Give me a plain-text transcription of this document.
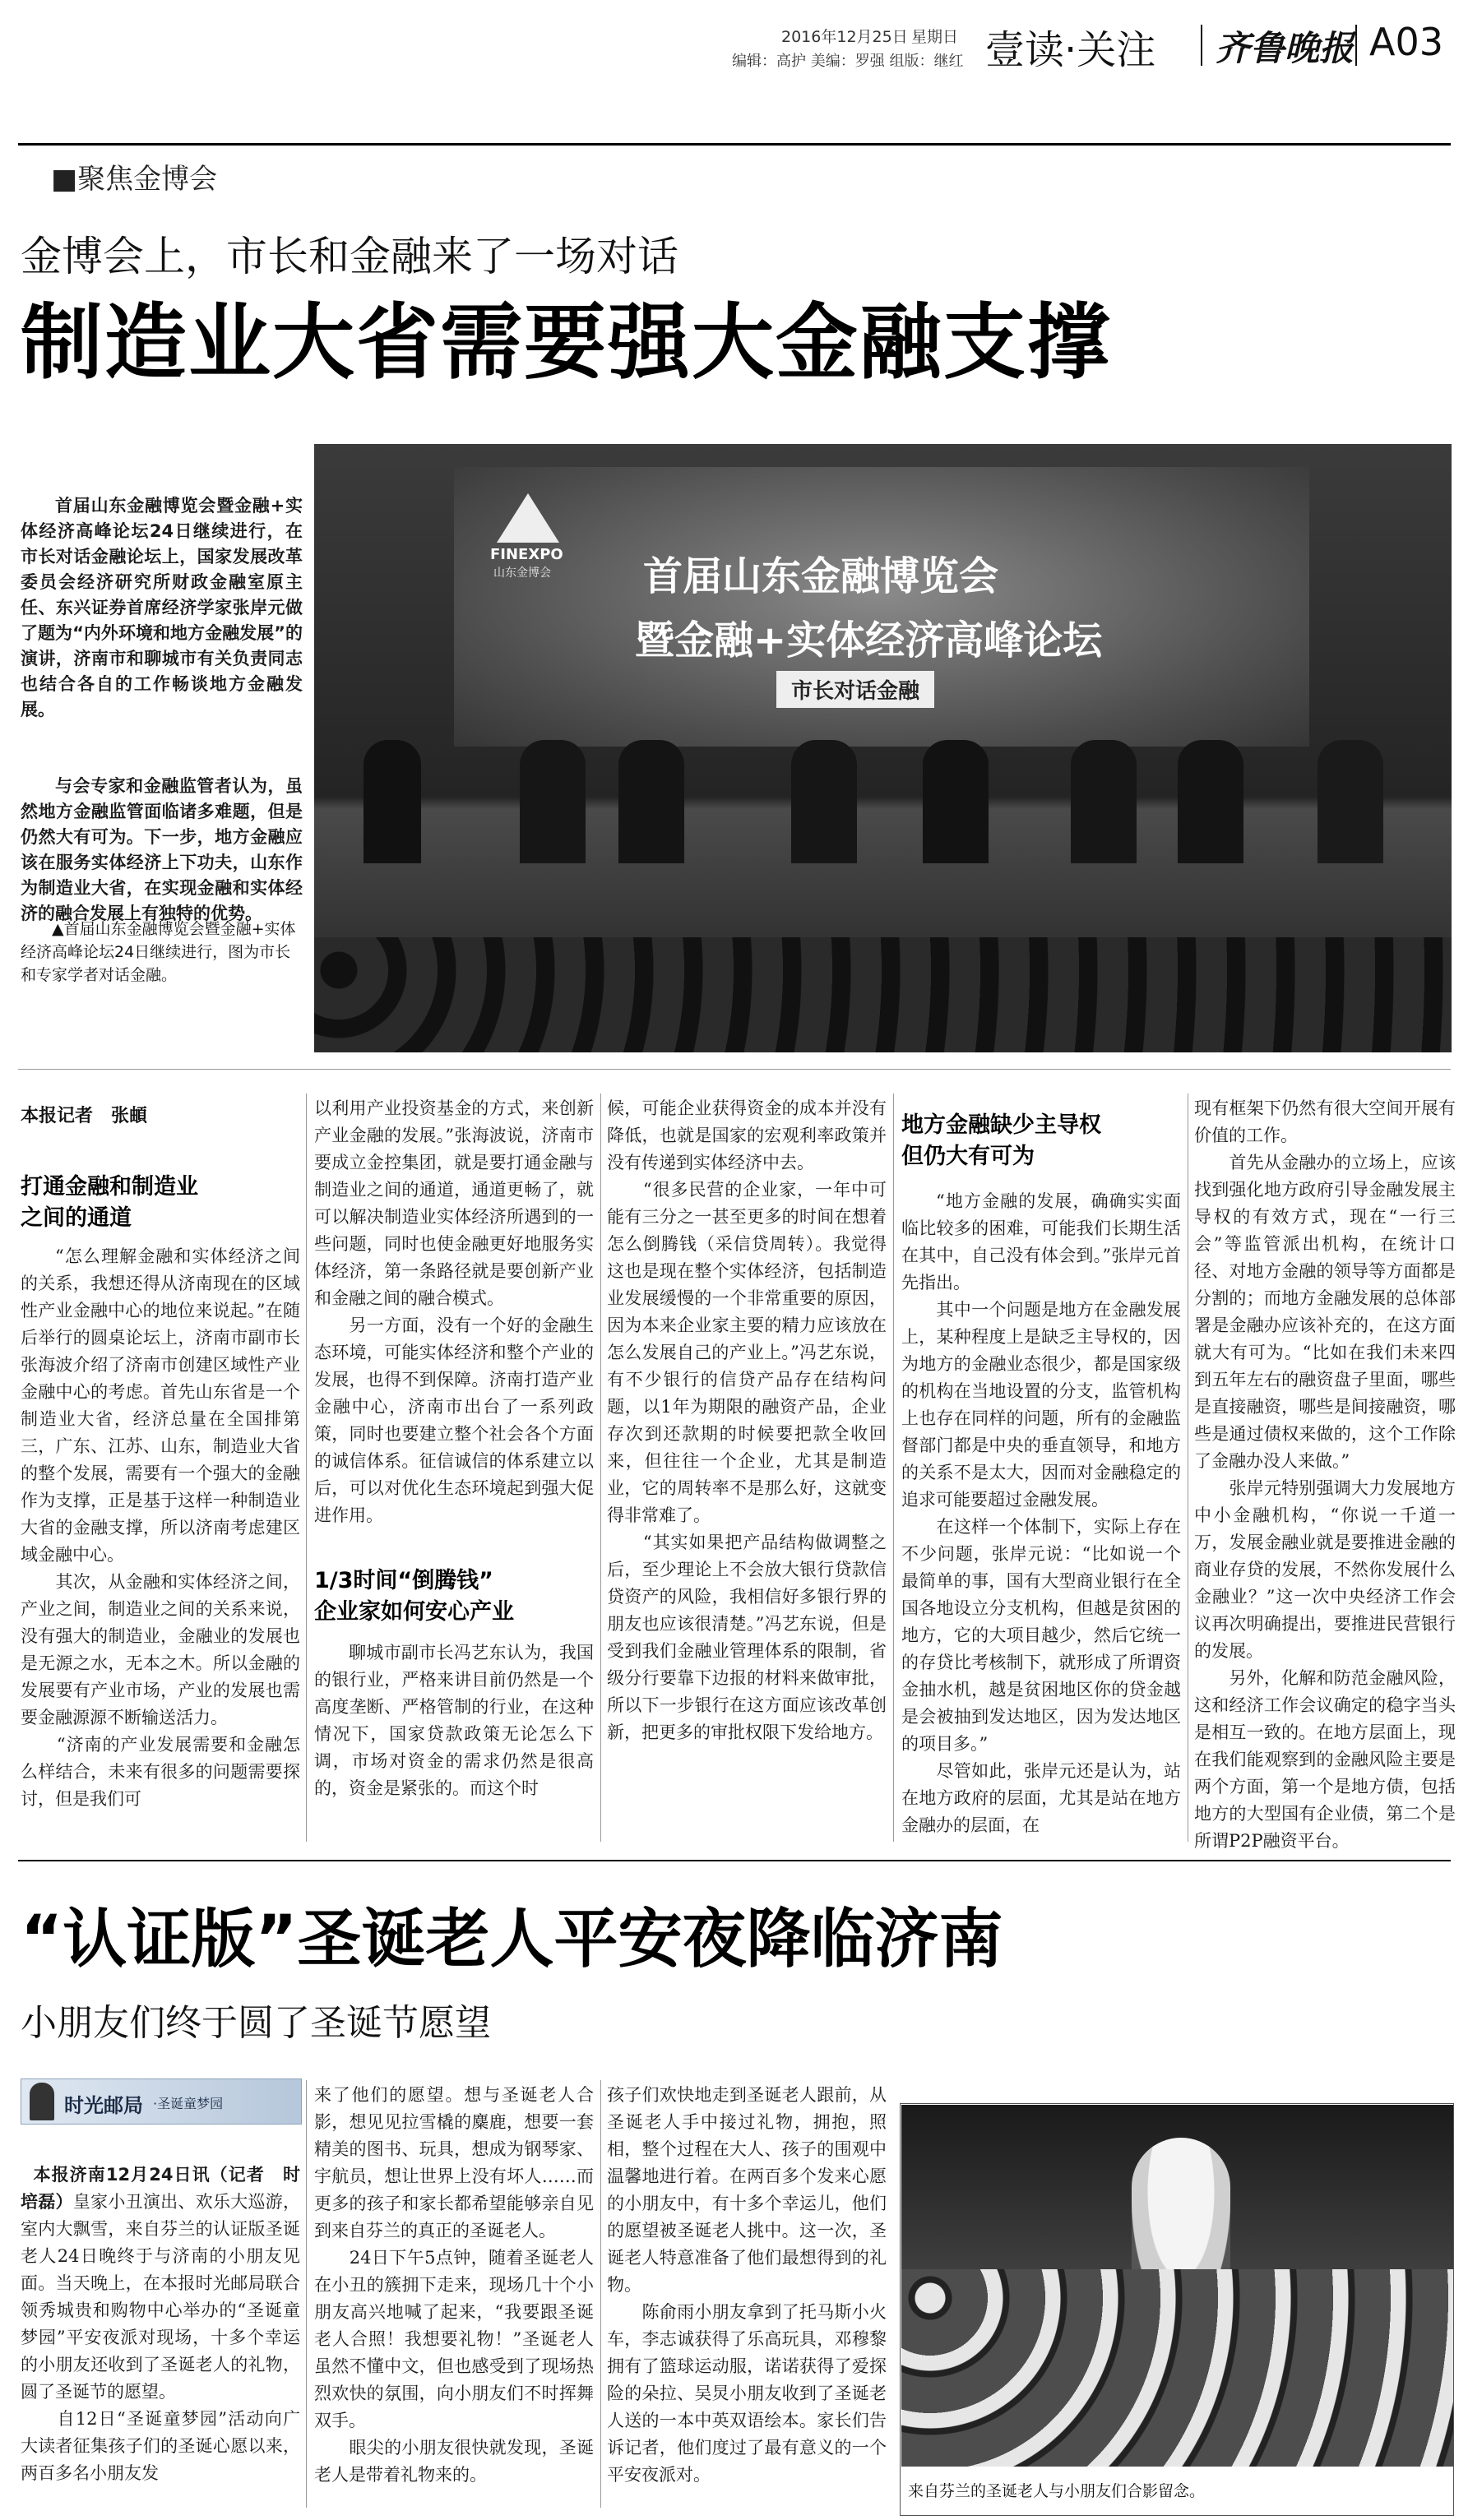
2016年12月25日 星期日
编辑：高护 美编：罗强 组版：继红 壹读·关注 齐鲁晚报 A03
■聚焦金博会
金博会上，市长和金融来了一场对话
制造业大省需要强大金融支撑

首届山东金融博览会暨金融+实体经济高峰论坛24日继续进行，在市长对话金融论坛上，国家发展改革委员会经济研究所财政金融室原主任、东兴证券首席经济学家张岸元做了题为“内外环境和地方金融发展”的演讲，济南市和聊城市有关负责同志也结合各自的工作畅谈地方金融发展。

与会专家和金融监管者认为，虽然地方金融监管面临诸多难题，但是仍然大有可为。下一步，地方金融应该在服务实体经济上下功夫，山东作为制造业大省，在实现金融和实体经济的融合发展上有独特的优势。

▲首届山东金融博览会暨金融+实体经济高峰论坛24日继续进行，图为市长和专家学者对话金融。
FINEXPO
山东金博会 首届山东金融博览会
暨金融+实体经济高峰论坛
市长对话金融
本报记者　张頔
打通金融和制造业
之间的通道
“怎么理解金融和实体经济之间的关系，我想还得从济南现在的区域性产业金融中心的地位来说起。”在随后举行的圆桌论坛上，济南市副市长张海波介绍了济南市创建区域性产业金融中心的考虑。首先山东省是一个制造业大省，经济总量在全国排第三，广东、江苏、山东，制造业大省的整个发展，需要有一个强大的金融作为支撑，正是基于这样一种制造业大省的金融支撑，所以济南考虑建区域金融中心。
　　其次，从金融和实体经济之间，产业之间，制造业之间的关系来说，没有强大的制造业，金融业的发展也是无源之水，无本之木。所以金融的发展要有产业市场，产业的发展也需要金融源源不断输送活力。
　　“济南的产业发展需要和金融怎么样结合，未来有很多的问题需要探讨，但是我们可
以利用产业投资基金的方式，来创新产业金融的发展。”张海波说，济南市要成立金控集团，就是要打通金融与制造业之间的通道，通道更畅了，就可以解决制造业实体经济所遇到的一些问题，同时也使金融更好地服务实体经济，第一条路径就是要创新产业和金融之间的融合模式。
　　另一方面，没有一个好的金融生态环境，可能实体经济和整个产业的发展，也得不到保障。济南打造产业金融中心，济南市出台了一系列政策，同时也要建立整个社会各个方面的诚信体系。征信诚信的体系建立以后，可以对优化生态环境起到强大促进作用。
1/3时间“倒腾钱”
企业家如何安心产业
聊城市副市长冯艺东认为，我国的银行业，严格来讲目前仍然是一个高度垄断、严格管制的行业，在这种情况下，国家贷款政策无论怎么下调，市场对资金的需求仍然是很高的，资金是紧张的。而这个时
候，可能企业获得资金的成本并没有降低，也就是国家的宏观利率政策并没有传递到实体经济中去。
　　“很多民营的企业家，一年中可能有三分之一甚至更多的时间在想着怎么倒腾钱（采信贷周转）。我觉得这也是现在整个实体经济，包括制造业发展缓慢的一个非常重要的原因，因为本来企业家主要的精力应该放在怎么发展自己的产业上。”冯艺东说，有不少银行的信贷产品存在结构问题，以1年为期限的融资产品，企业存次到还款期的时候要把款全收回来，但往往一个企业，尤其是制造业，它的周转率不是那么好，这就变得非常难了。
　　“其实如果把产品结构做调整之后，至少理论上不会放大银行贷款信贷资产的风险，我相信好多银行界的朋友也应该很清楚。”冯艺东说，但是受到我们金融业管理体系的限制，省级分行要靠下边报的材料来做审批，所以下一步银行在这方面应该改革创新，把更多的审批权限下发给地方。
地方金融缺少主导权
但仍大有可为
“地方金融的发展，确确实实面临比较多的困难，可能我们长期生活在其中，自己没有体会到。”张岸元首先指出。
　　其中一个问题是地方在金融发展上，某种程度上是缺乏主导权的，因为地方的金融业态很少，都是国家级的机构在当地设置的分支，监管机构上也存在同样的问题，所有的金融监督部门都是中央的垂直领导，和地方的关系不是太大，因而对金融稳定的追求可能要超过金融发展。
　　在这样一个体制下，实际上存在不少问题，张岸元说：“比如说一个最简单的事，国有大型商业银行在全国各地设立分支机构，但越是贫困的地方，它的大项目越少，然后它统一的存贷比考核制下，就形成了所谓资金抽水机，越是贫困地区你的贷金越是会被抽到发达地区，因为发达地区的项目多。”
　　尽管如此，张岸元还是认为，站在地方政府的层面，尤其是站在地方金融办的层面，在
现有框架下仍然有很大空间开展有价值的工作。
　　首先从金融办的立场上，应该找到强化地方政府引导金融发展主导权的有效方式，现在“一行三会”等监管派出机构，在统计口径、对地方金融的领导等方面都是分割的；而地方金融发展的总体部署是金融办应该补充的，在这方面就大有可为。“比如在我们未来四到五年左右的融资盘子里面，哪些是直接融资，哪些是间接融资，哪些是通过债权来做的，这个工作除了金融办没人来做。”
　　张岸元特别强调大力发展地方中小金融机构，“你说一千道一万，发展金融业就是要推进金融的商业存贷的发展，不然你发展什么金融业？”这一次中央经济工作会议再次明确提出，要推进民营银行的发展。
　　另外，化解和防范金融风险，这和经济工作会议确定的稳字当头是相互一致的。在地方层面上，现在我们能观察到的金融风险主要是两个方面，第一个是地方债，包括地方的大型国有企业债，第二个是所谓P2P融资平台。
“认证版”圣诞老人平安夜降临济南
小朋友们终于圆了圣诞节愿望
时光邮局 ·圣诞童梦园

本报济南12月24日讯（记者　时培磊）皇家小丑演出、欢乐大巡游，室内大飘雪，来自芬兰的认证版圣诞老人24日晚终于与济南的小朋友见面。当天晚上，在本报时光邮局联合领秀城贵和购物中心举办的“圣诞童梦园”平安夜派对现场，十多个幸运的小朋友还收到了圣诞老人的礼物，圆了圣诞节的愿望。
　　自12日“圣诞童梦园”活动向广大读者征集孩子们的圣诞心愿以来，两百多名小朋友发

来了他们的愿望。想与圣诞老人合影，想见见拉雪橇的麋鹿，想要一套精美的图书、玩具，想成为钢琴家、宇航员，想让世界上没有坏人……而更多的孩子和家长都希望能够亲自见到来自芬兰的真正的圣诞老人。
　　24日下午5点钟，随着圣诞老人在小丑的簇拥下走来，现场几十个小朋友高兴地喊了起来，“我要跟圣诞老人合照！我想要礼物！”圣诞老人虽然不懂中文，但也感受到了现场热烈欢快的氛围，向小朋友们不时挥舞双手。
　　眼尖的小朋友很快就发现，圣诞老人是带着礼物来的。
孩子们欢快地走到圣诞老人跟前，从圣诞老人手中接过礼物，拥抱，照相，整个过程在大人、孩子的围观中温馨地进行着。在两百多个发来心愿的小朋友中，有十多个幸运儿，他们的愿望被圣诞老人挑中。这一次，圣诞老人特意准备了他们最想得到的礼物。
　　陈俞雨小朋友拿到了托马斯小火车，李志诚获得了乐高玩具，邓穆黎拥有了篮球运动服，诺诺获得了爱探险的朵拉、吴炅小朋友收到了圣诞老人送的一本中英双语绘本。家长们告诉记者，他们度过了最有意义的一个平安夜派对。
来自芬兰的圣诞老人与小朋友们合影留念。
